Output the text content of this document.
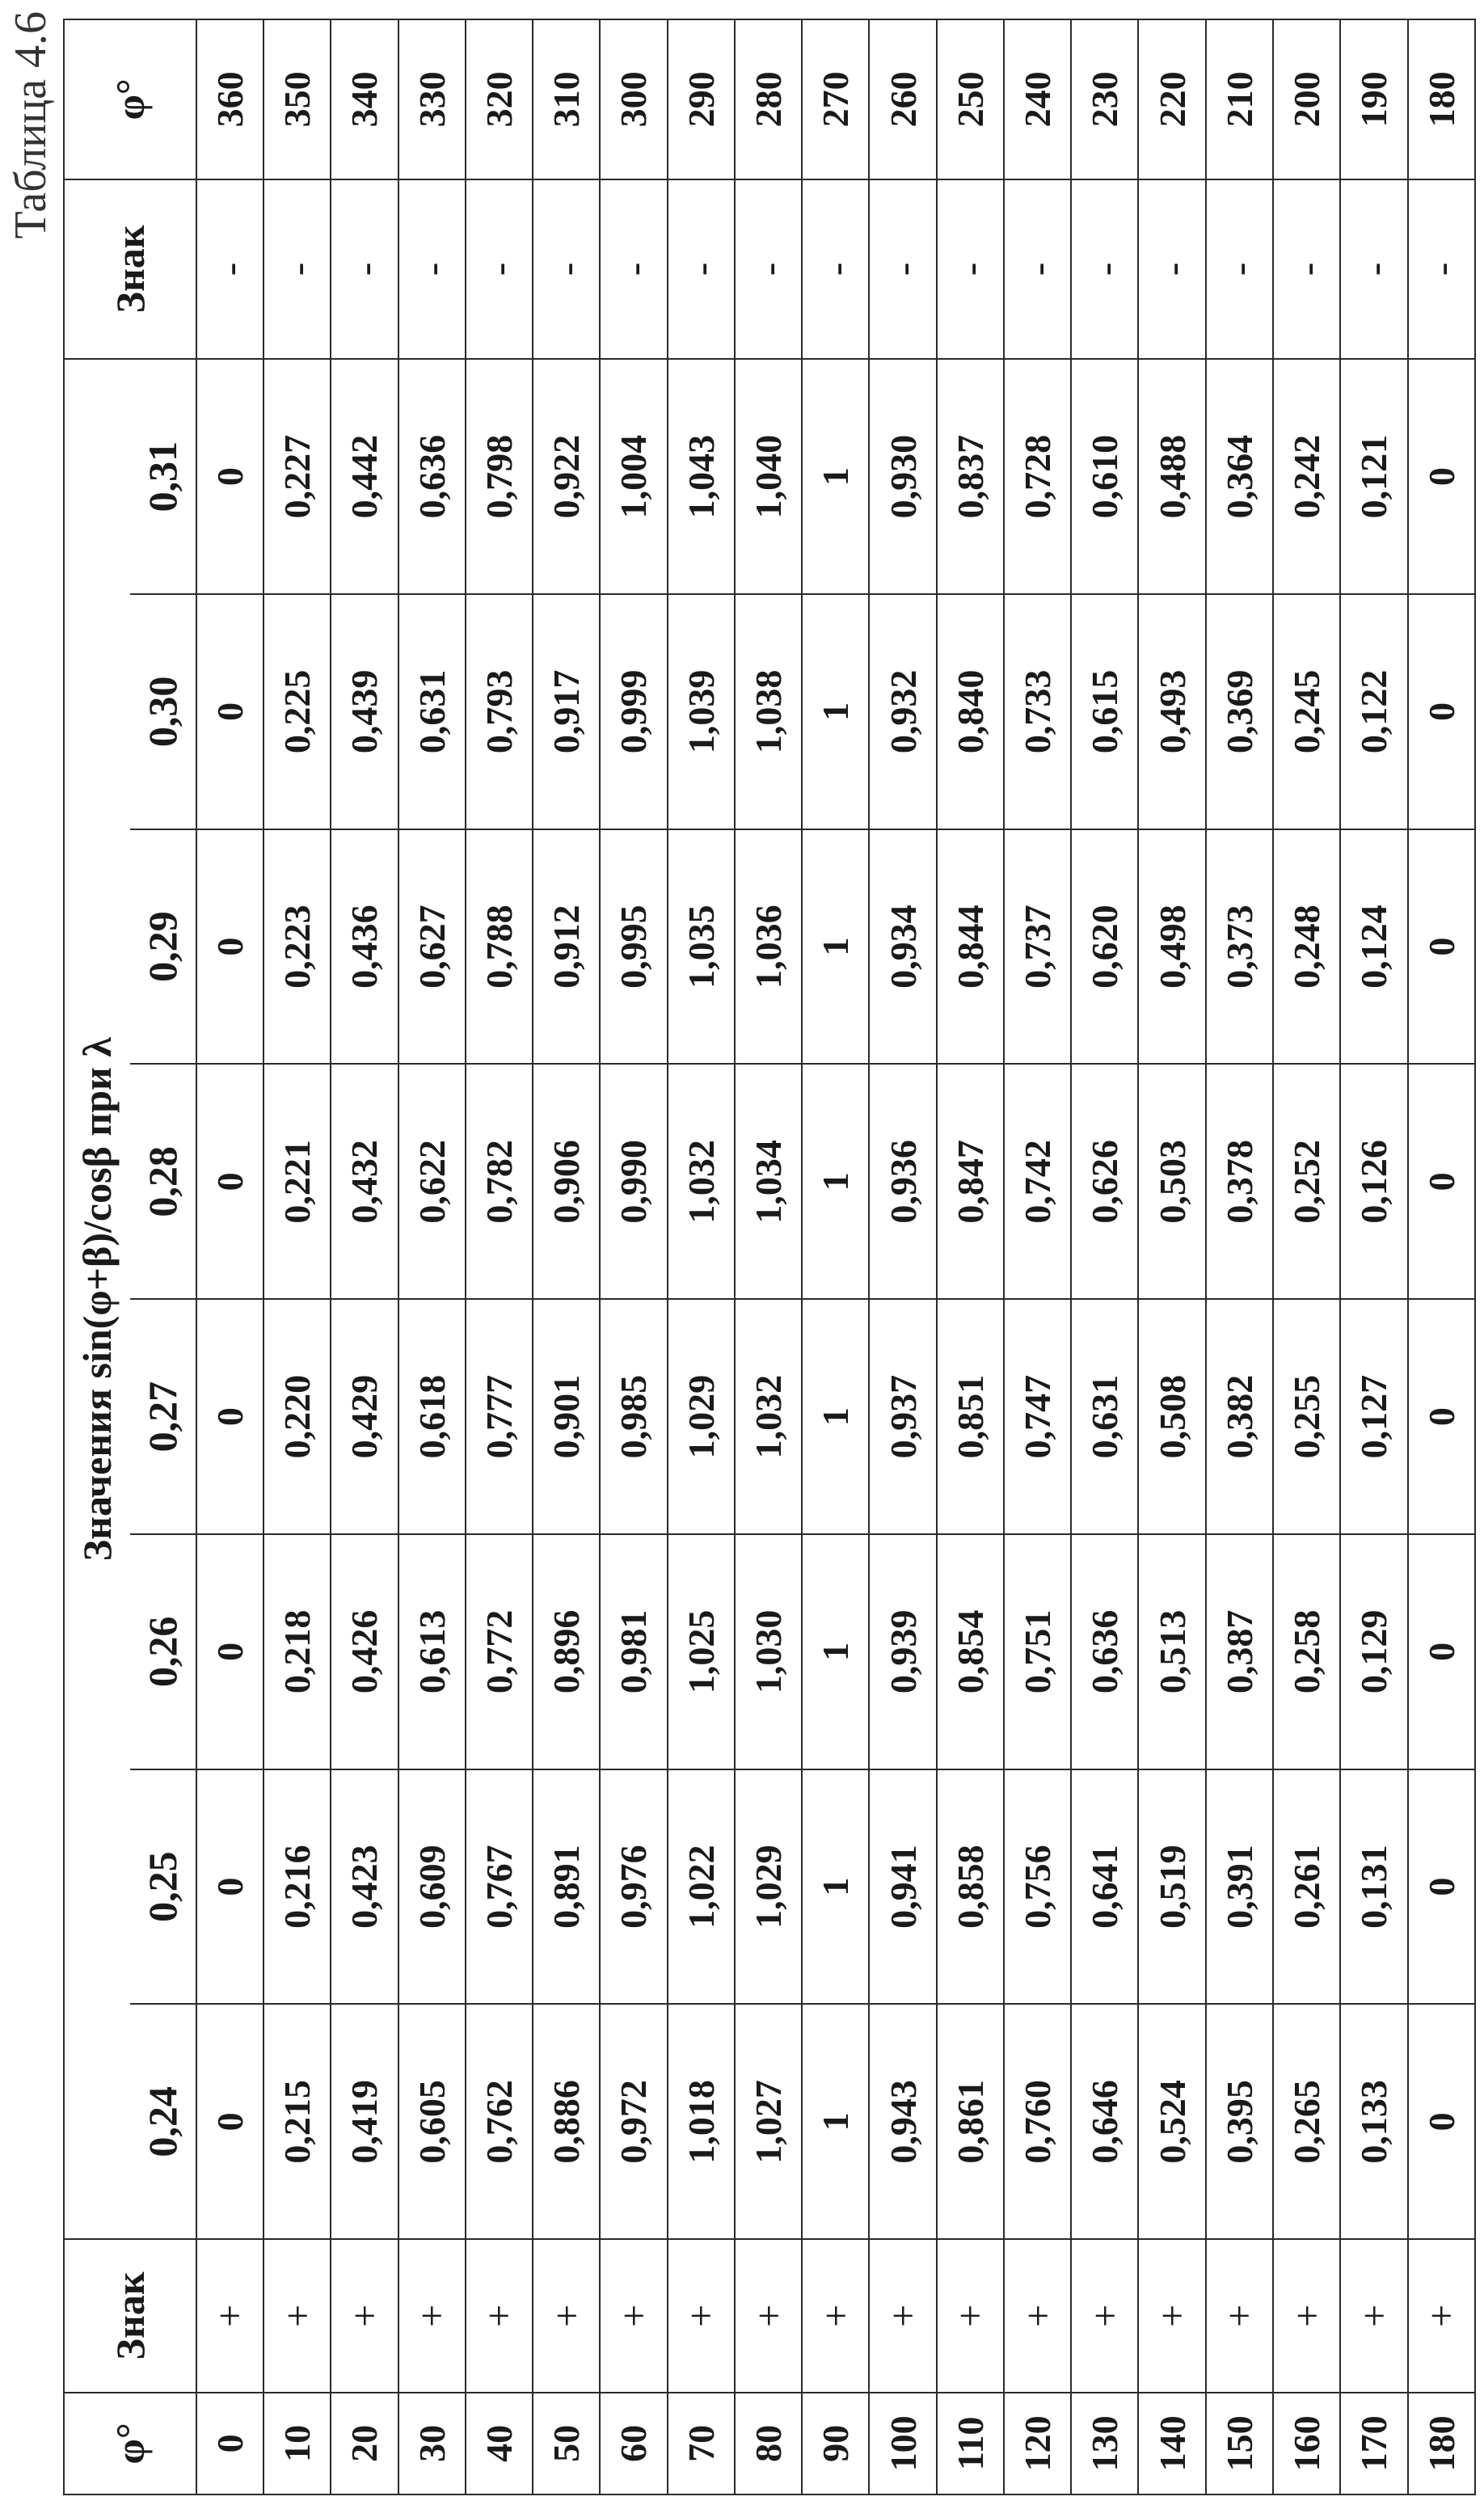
Таблица 4.6
φ°	Знак	Значения sin(φ+β)/cosβ при λ								Знак	φ°
		0,24	0,25	0,26	0,27	0,28	0,29	0,30	0,31		
0	+	0	0	0	0	0	0	0	0	-	360
10	+	0,215	0,216	0,218	0,220	0,221	0,223	0,225	0,227	-	350
20	+	0,419	0,423	0,426	0,429	0,432	0,436	0,439	0,442	-	340
30	+	0,605	0,609	0,613	0,618	0,622	0,627	0,631	0,636	-	330
40	+	0,762	0,767	0,772	0,777	0,782	0,788	0,793	0,798	-	320
50	+	0,886	0,891	0,896	0,901	0,906	0,912	0,917	0,922	-	310
60	+	0,972	0,976	0,981	0,985	0,990	0,995	0,999	1,004	-	300
70	+	1,018	1,022	1,025	1,029	1,032	1,035	1,039	1,043	-	290
80	+	1,027	1,029	1,030	1,032	1,034	1,036	1,038	1,040	-	280
90	+	1	1	1	1	1	1	1	1	-	270
100	+	0,943	0,941	0,939	0,937	0,936	0,934	0,932	0,930	-	260
110	+	0,861	0,858	0,854	0,851	0,847	0,844	0,840	0,837	-	250
120	+	0,760	0,756	0,751	0,747	0,742	0,737	0,733	0,728	-	240
130	+	0,646	0,641	0,636	0,631	0,626	0,620	0,615	0,610	-	230
140	+	0,524	0,519	0,513	0,508	0,503	0,498	0,493	0,488	-	220
150	+	0,395	0,391	0,387	0,382	0,378	0,373	0,369	0,364	-	210
160	+	0,265	0,261	0,258	0,255	0,252	0,248	0,245	0,242	-	200
170	+	0,133	0,131	0,129	0,127	0,126	0,124	0,122	0,121	-	190
180	+	0	0	0	0	0	0	0	0	-	180
